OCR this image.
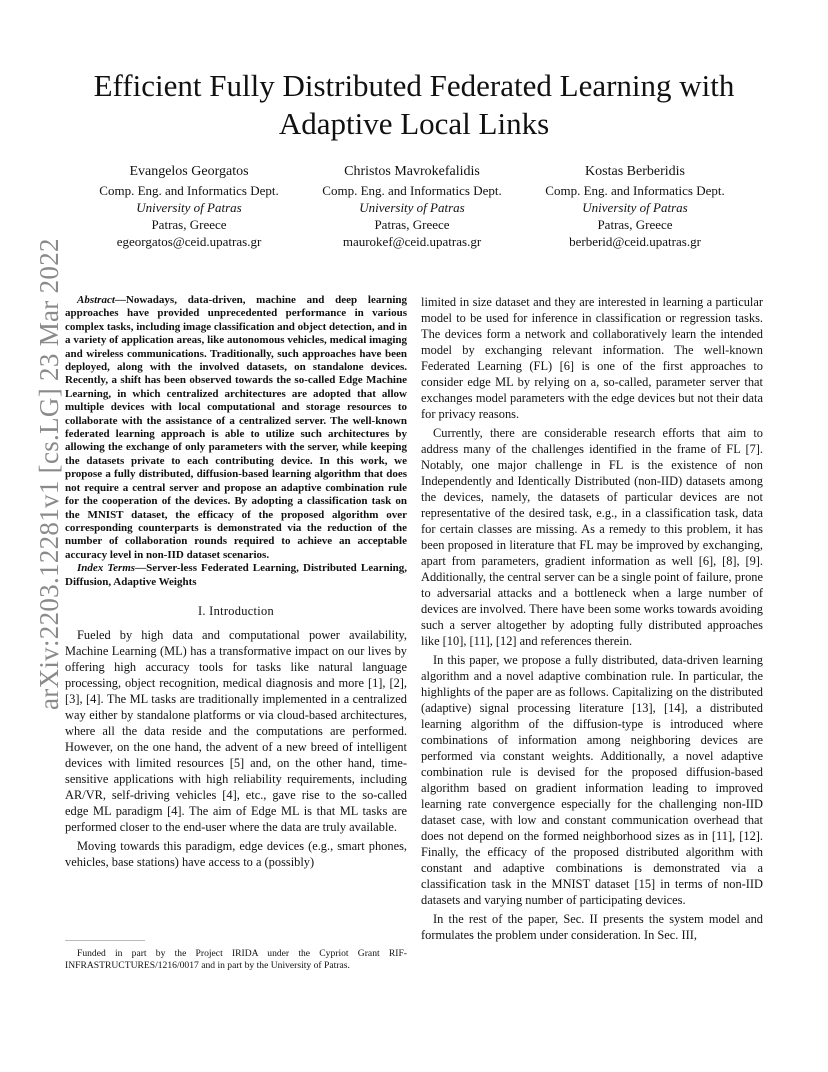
arXiv:2203.12281v1 [cs.LG] 23 Mar 2022
Efficient Fully Distributed Federated Learning with Adaptive Local Links
Evangelos Georgatos
Comp. Eng. and Informatics Dept.
University of Patras
Patras, Greece
egeorgatos@ceid.upatras.gr
Christos Mavrokefalidis
Comp. Eng. and Informatics Dept.
University of Patras
Patras, Greece
maurokef@ceid.upatras.gr
Kostas Berberidis
Comp. Eng. and Informatics Dept.
University of Patras
Patras, Greece
berberid@ceid.upatras.gr

Abstract—Nowadays, data-driven, machine and deep learning approaches have provided unprecedented performance in various complex tasks, including image classification and object detection, and in a variety of application areas, like autonomous vehicles, medical imaging and wireless communications. Traditionally, such approaches have been deployed, along with the involved datasets, on standalone devices. Recently, a shift has been observed towards the so-called Edge Machine Learning, in which centralized architectures are adopted that allow multiple devices with local computational and storage resources to collaborate with the assistance of a centralized server. The well-known federated learning approach is able to utilize such architectures by allowing the exchange of only parameters with the server, while keeping the datasets private to each contributing device. In this work, we propose a fully distributed, diffusion-based learning algorithm that does not require a central server and propose an adaptive combination rule for the cooperation of the devices. By adopting a classification task on the MNIST dataset, the efficacy of the proposed algorithm over corresponding counterparts is demonstrated via the reduction of the number of collaboration rounds required to achieve an acceptable accuracy level in non-IID dataset scenarios.

Index Terms—Server-less Federated Learning, Distributed Learning, Diffusion, Adaptive Weights

I. Introduction

Fueled by high data and computational power availability, Machine Learning (ML) has a transformative impact on our lives by offering high accuracy tools for tasks like natural language processing, object recognition, medical diagnosis and more [1], [2], [3], [4]. The ML tasks are traditionally implemented in a centralized way either by standalone platforms or via cloud-based architectures, where all the data reside and the computations are performed. However, on the one hand, the advent of a new breed of intelligent devices with limited resources [5] and, on the other hand, time-sensitive applications with high reliability requirements, including AR/VR, self-driving vehicles [4], etc., gave rise to the so-called edge ML paradigm [4]. The aim of Edge ML is that ML tasks are performed closer to the end-user where the data are truly available.

Moving towards this paradigm, edge devices (e.g., smart phones, vehicles, base stations) have access to a (possibly)

Funded in part by the Project IRIDA under the Cypriot Grant RIF-INFRASTRUCTURES/1216/0017 and in part by the University of Patras.

limited in size dataset and they are interested in learning a particular model to be used for inference in classification or regression tasks. The devices form a network and collaboratively learn the intended model by exchanging relevant information. The well-known Federated Learning (FL) [6] is one of the first approaches to consider edge ML by relying on a, so-called, parameter server that exchanges model parameters with the edge devices but not their data for privacy reasons.

Currently, there are considerable research efforts that aim to address many of the challenges identified in the frame of FL [7]. Notably, one major challenge in FL is the existence of non Independently and Identically Distributed (non-IID) datasets among the devices, namely, the datasets of particular devices are not representative of the desired task, e.g., in a classification task, data for certain classes are missing. As a remedy to this problem, it has been proposed in literature that FL may be improved by exchanging, apart from parameters, gradient information as well [6], [8], [9]. Additionally, the central server can be a single point of failure, prone to adversarial attacks and a bottleneck when a large number of devices are involved. There have been some works towards avoiding such a server altogether by adopting fully distributed approaches like [10], [11], [12] and references therein.

In this paper, we propose a fully distributed, data-driven learning algorithm and a novel adaptive combination rule. In particular, the highlights of the paper are as follows. Capitalizing on the distributed (adaptive) signal processing literature [13], [14], a distributed learning algorithm of the diffusion-type is introduced where combinations of information among neighboring devices are performed via constant weights. Additionally, a novel adaptive combination rule is devised for the proposed diffusion-based algorithm based on gradient information leading to improved learning rate convergence especially for the challenging non-IID dataset case, with low and constant communication overhead that does not depend on the formed neighborhood sizes as in [11], [12]. Finally, the efficacy of the proposed distributed algorithm with constant and adaptive combinations is demonstrated via a classification task in the MNIST dataset [15] in terms of non-IID datasets and varying number of participating devices.

In the rest of the paper, Sec. II presents the system model and formulates the problem under consideration. In Sec. III,
